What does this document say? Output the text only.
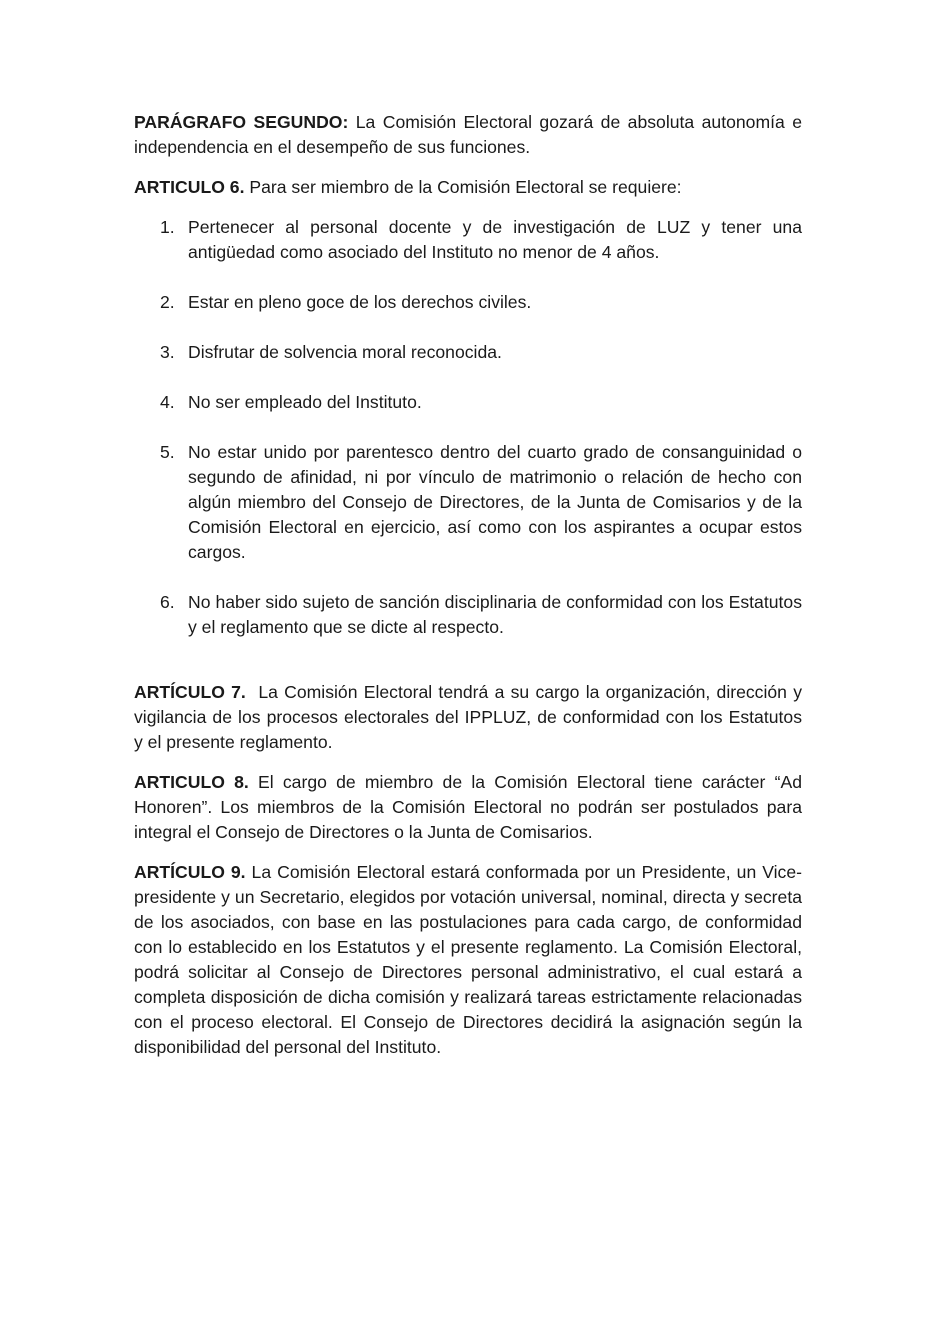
PARÁGRAFO SEGUNDO: La Comisión Electoral gozará de absoluta autonomía e independencia en el desempeño de sus funciones.

ARTICULO 6. Para ser miembro de la Comisión Electoral se requiere:

1. Pertenecer al personal docente y de investigación de LUZ y tener una antigüedad como asociado del Instituto no menor de 4 años.
2. Estar en pleno goce de los derechos civiles.
3. Disfrutar de solvencia moral reconocida.
4. No ser empleado del Instituto.
5. No estar unido por parentesco dentro del cuarto grado de consanguinidad o segundo de afinidad, ni por vínculo de matrimonio o relación de hecho con algún miembro del Consejo de Directores, de la Junta de Comisarios y de la Comisión Electoral en ejercicio, así como con los aspirantes a ocupar estos cargos.
6. No haber sido sujeto de sanción disciplinaria de conformidad con los Estatutos y el reglamento que se dicte al respecto.

ARTÍCULO 7.  La Comisión Electoral tendrá a su cargo la organización, dirección y vigilancia de los procesos electorales del IPPLUZ, de conformidad con los Estatutos y el presente reglamento.

ARTICULO 8. El cargo de miembro de la Comisión Electoral tiene carácter “Ad Honoren”. Los miembros de la Comisión Electoral no podrán ser postulados para integral el Consejo de Directores o la Junta de Comisarios.

ARTÍCULO 9. La Comisión Electoral estará conformada por un Presidente, un Vice-presidente y un Secretario, elegidos por votación universal, nominal, directa y secreta de los asociados, con base en las postulaciones para cada cargo, de conformidad con lo establecido en los Estatutos y el presente reglamento. La Comisión Electoral, podrá solicitar al Consejo de Directores personal administrativo, el cual estará a completa disposición de dicha comisión y realizará tareas estrictamente relacionadas con el proceso electoral. El Consejo de Directores decidirá la asignación según la disponibilidad del personal del Instituto.
